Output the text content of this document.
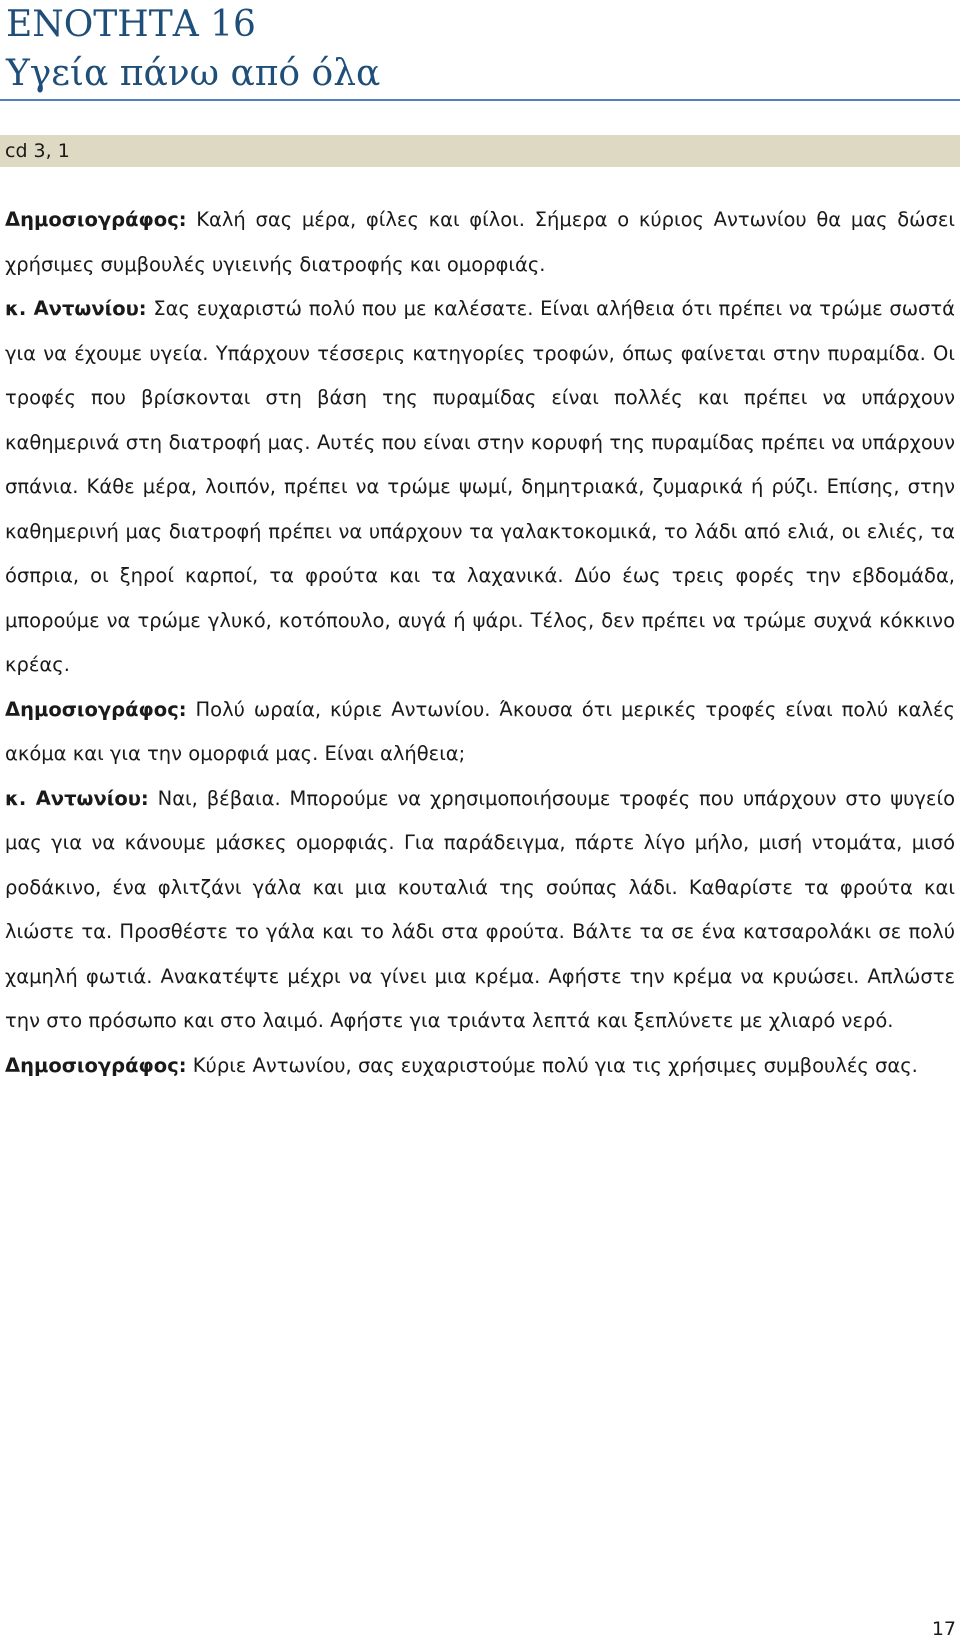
ΕΝΟΤΗΤΑ 16
Υγεία πάνω από όλα
cd 3, 1

Δημοσιογράφος: Καλή σας μέρα, φίλες και φίλοι. Σήμερα ο κύριος Αντωνίου θα μας δώσει χρήσιμες συμβουλές υγιεινής διατροφής και ομορφιάς.

κ. Αντωνίου: Σας ευχαριστώ πολύ που με καλέσατε. Είναι αλήθεια ότι πρέπει να τρώμε σωστά για να έχουμε υγεία. Υπάρχουν τέσσερις κατηγορίες τροφών, όπως φαίνεται στην πυραμίδα. Οι τροφές που βρίσκονται στη βάση της πυραμίδας είναι πολλές και πρέπει να υπάρχουν καθημερινά στη διατροφή μας. Αυτές που είναι στην κορυφή της πυραμίδας πρέπει να υπάρχουν σπάνια. Κάθε μέρα, λοιπόν, πρέπει να τρώμε ψωμί, δημητριακά, ζυμαρικά ή ρύζι. Επίσης, στην καθημερινή μας διατροφή πρέπει να υπάρχουν τα γαλακτοκομικά, το λάδι από ελιά, οι ελιές, τα όσπρια, οι ξηροί καρποί, τα φρούτα και τα λαχανικά. Δύο έως τρεις φορές την εβδομάδα, μπορούμε να τρώμε γλυκό, κοτόπουλο, αυγά ή ψάρι. Τέλος, δεν πρέπει να τρώμε συχνά κόκκινο κρέας.

Δημοσιογράφος: Πολύ ωραία, κύριε Αντωνίου. Άκουσα ότι μερικές τροφές είναι πολύ καλές ακόμα και για την ομορφιά μας. Είναι αλήθεια;

κ. Αντωνίου: Ναι, βέβαια. Μπορούμε να χρησιμοποιήσουμε τροφές που υπάρχουν στο ψυγείο μας για να κάνουμε μάσκες ομορφιάς. Για παράδειγμα, πάρτε λίγο μήλο, μισή ντομάτα, μισό ροδάκινο, ένα φλιτζάνι γάλα και μια κουταλιά της σούπας λάδι. Καθαρίστε τα φρούτα και λιώστε τα. Προσθέστε το γάλα και το λάδι στα φρούτα. Βάλτε τα σε ένα κατσαρολάκι σε πολύ χαμηλή φωτιά. Ανακατέψτε μέχρι να γίνει μια κρέμα. Αφήστε την κρέμα να κρυώσει. Απλώστε την στο πρόσωπο και στο λαιμό. Αφήστε για τριάντα λεπτά και ξεπλύνετε με χλιαρό νερό.

Δημοσιογράφος: Κύριε Αντωνίου, σας ευχαριστούμε πολύ για τις χρήσιμες συμβουλές σας.

17
